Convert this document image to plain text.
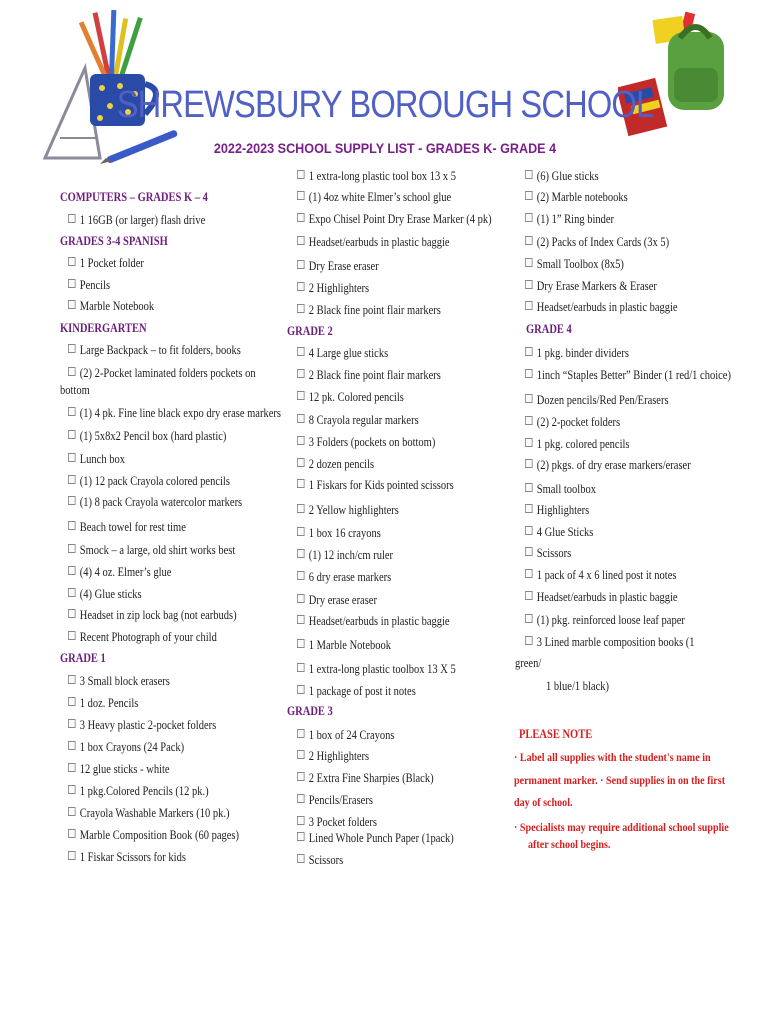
SHREWSBURY BOROUGH SCHOOL
2022-2023 SCHOOL SUPPLY LIST - GRADES K- GRADE 4
COMPUTERS – GRADES K – 4
1 16GB (or larger) flash drive
GRADES 3-4 SPANISH
1 Pocket folder
Pencils
Marble Notebook
KINDERGARTEN
Large Backpack – to fit folders, books
(2) 2-Pocket laminated folders pockets on
bottom
(1) 4 pk. Fine line black expo dry erase markers
(1) 5x8x2 Pencil box (hard plastic)
Lunch box
(1) 12 pack Crayola colored pencils
(1) 8 pack Crayola watercolor markers
Beach towel for rest time
Smock – a large, old shirt works best
(4) 4 oz. Elmer’s glue
(4) Glue sticks
Headset in zip lock bag (not earbuds)
Recent Photograph of your child
GRADE 1
3 Small block erasers
1 doz. Pencils
3 Heavy plastic 2-pocket folders
1 box Crayons (24 Pack)
12 glue sticks - white
1 pkg.Colored Pencils (12 pk.)
Crayola Washable Markers (10 pk.)
Marble Composition Book (60 pages)
1 Fiskar Scissors for kids
1 extra-long plastic tool box 13 x 5
(1) 4oz white Elmer’s school glue
Expo Chisel Point Dry Erase Marker (4 pk)
Headset/earbuds in plastic baggie
Dry Erase eraser
2 Highlighters
2 Black fine point flair markers
GRADE 2
4 Large glue sticks
2 Black fine point flair markers
12 pk. Colored pencils
8 Crayola regular markers
3 Folders (pockets on bottom)
2 dozen pencils
1 Fiskars for Kids pointed scissors
2 Yellow highlighters
1 box 16 crayons
(1) 12 inch/cm ruler
6 dry erase markers
Dry erase eraser
Headset/earbuds in plastic baggie
1 Marble Notebook
1 extra-long plastic toolbox 13 X 5
1 package of post it notes
GRADE 3
1 box of 24 Crayons
2 Highlighters
2 Extra Fine Sharpies (Black)
Pencils/Erasers
3 Pocket folders
Lined Whole Punch Paper (1pack)
Scissors
(6) Glue sticks
(2) Marble notebooks
(1) 1” Ring binder
(2) Packs of Index Cards (3x 5)
Small Toolbox (8x5)
Dry Erase Markers & Eraser
Headset/earbuds in plastic baggie
GRADE 4
1 pkg. binder dividers
1inch “Staples Better” Binder (1 red/1 choice)
Dozen pencils/Red Pen/Erasers
(2) 2-pocket folders
1 pkg. colored pencils
(2) pkgs. of dry erase markers/eraser
Small toolbox
Highlighters
4 Glue Sticks
Scissors
1 pack of 4 x 6 lined post it notes
Headset/earbuds in plastic baggie
(1) pkg. reinforced loose leaf paper
3 Lined marble composition books (1
green/
1 blue/1 black)
PLEASE NOTE
· Label all supplies with the student's name in
permanent marker. · Send supplies in on the first
day of school.
· Specialists may require additional school supplie
after school begins.
